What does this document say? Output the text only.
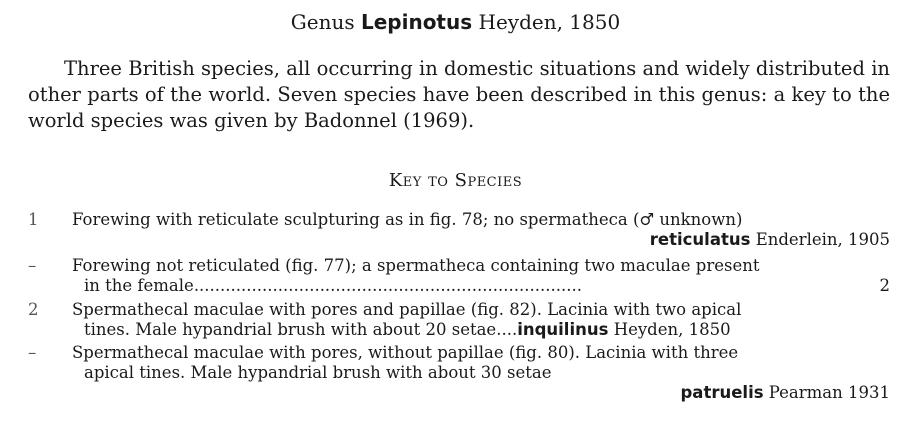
Genus Lepinotus Heyden, 1850
Three British species, all occurring in domestic situations and widely distributed in other parts of the world. Seven species have been described in this genus: a key to the world species was given by Badonnel (1969).
Key to Species
1	Forewing with reticulate sculpturing as in fig. 78; no spermatheca (♂ unknown)
reticulatus Enderlein, 1905
–	Forewing not reticulated (fig. 77); a spermatheca containing two maculae present
in the female ..........................................................................	2
2	Spermathecal maculae with pores and papillae (fig. 82). Lacinia with two apical
tines. Male hypandrial brush with about 20 setae .... inquilinus
Heyden, 1850
–	Spermathecal maculae with pores, without papillae (fig. 80). Lacinia with three
apical tines. Male hypandrial brush with about 30 setae
patruelis Pearman 1931
